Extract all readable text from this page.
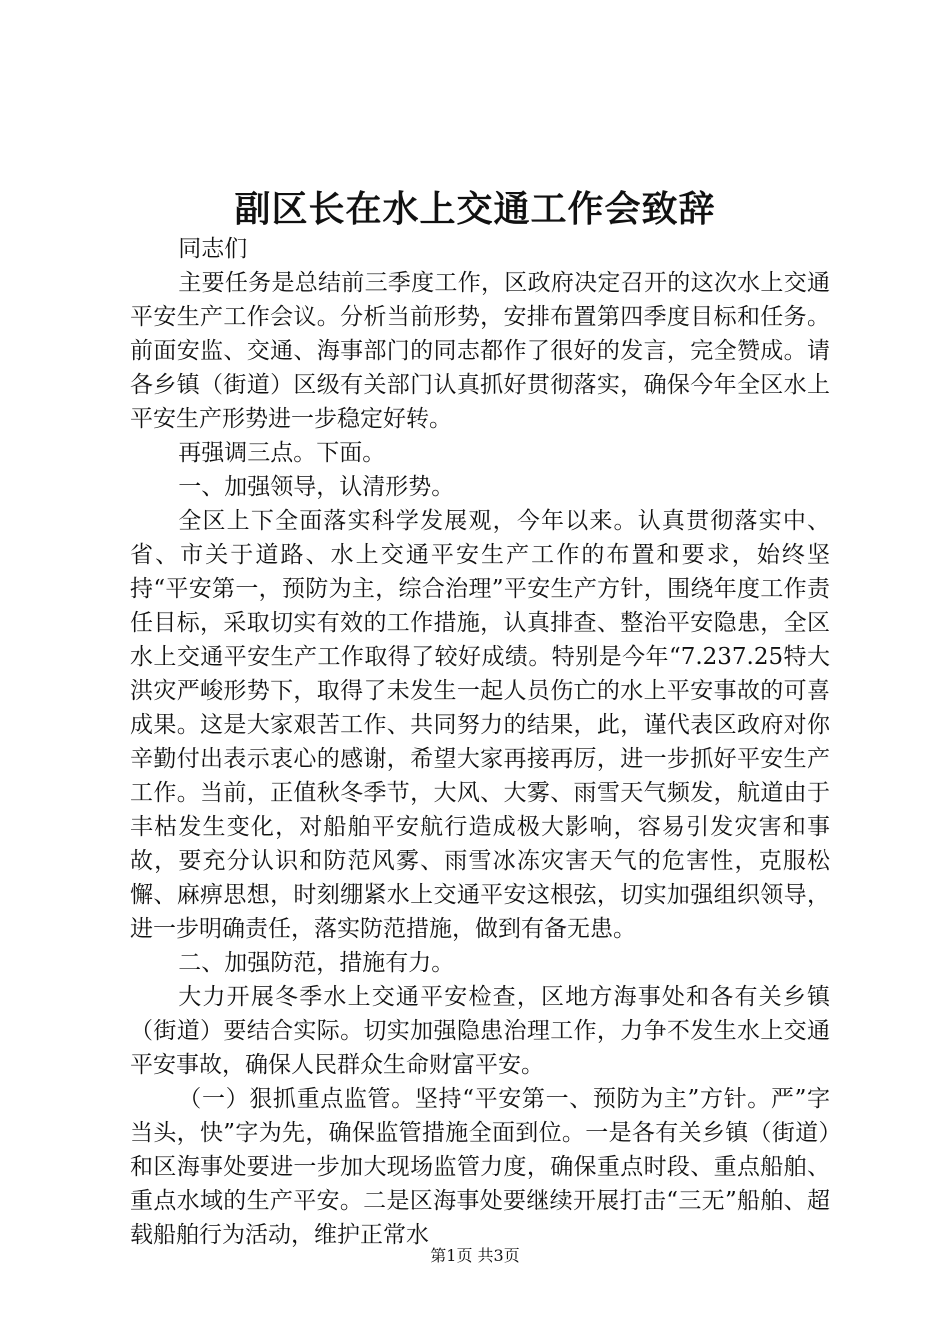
副区长在水上交通工作会致辞

同志们

主要任务是总结前三季度工作，区政府决定召开的这次水上交通平安生产工作会议。分析当前形势，安排布置第四季度目标和任务。前面安监、交通、海事部门的同志都作了很好的发言，完全赞成。请各乡镇（街道）区级有关部门认真抓好贯彻落实，确保今年全区水上平安生产形势进一步稳定好转。

再强调三点。下面。

一、加强领导，认清形势。

全区上下全面落实科学发展观，今年以来。认真贯彻落实中、省、市关于道路、水上交通平安生产工作的布置和要求，始终坚持“平安第一，预防为主，综合治理”平安生产方针，围绕年度工作责任目标，采取切实有效的工作措施，认真排查、整治平安隐患，全区水上交通平安生产工作取得了较好成绩。特别是今年“7.237.25特大洪灾严峻形势下，取得了未发生一起人员伤亡的水上平安事故的可喜成果。这是大家艰苦工作、共同努力的结果，此，谨代表区政府对你辛勤付出表示衷心的感谢，希望大家再接再厉，进一步抓好平安生产工作。当前，正值秋冬季节，大风、大雾、雨雪天气频发，航道由于丰枯发生变化，对船舶平安航行造成极大影响，容易引发灾害和事故，要充分认识和防范风雾、雨雪冰冻灾害天气的危害性，克服松懈、麻痹思想，时刻绷紧水上交通平安这根弦，切实加强组织领导，进一步明确责任，落实防范措施，做到有备无患。

二、加强防范，措施有力。

大力开展冬季水上交通平安检查，区地方海事处和各有关乡镇（街道）要结合实际。切实加强隐患治理工作，力争不发生水上交通平安事故，确保人民群众生命财富平安。

（一）狠抓重点监管。坚持“平安第一、预防为主”方针。严”字当头，快”字为先，确保监管措施全面到位。一是各有关乡镇（街道）和区海事处要进一步加大现场监管力度，确保重点时段、重点船舶、重点水域的生产平安。二是区海事处要继续开展打击“三无”船舶、超载船舶行为活动，维护正常水

第1页 共3页
